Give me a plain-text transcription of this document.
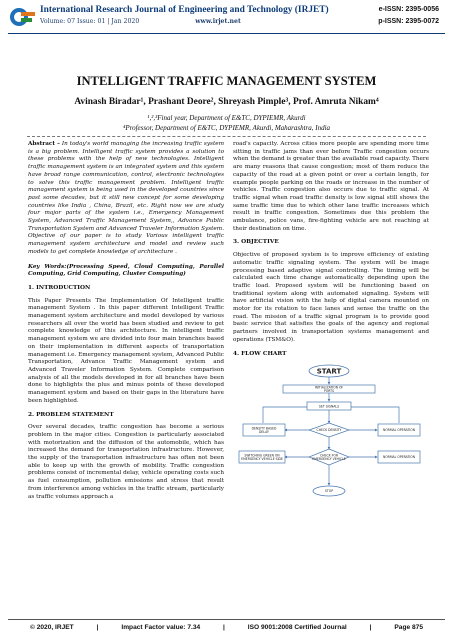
International Research Journal of Engineering and Technology (IRJET)
Volume: 07 Issue: 01 | Jan 2020	www.irjet.net
e-ISSN: 2395-0056
p-ISSN: 2395-0072
INTELLIGENT TRAFFIC MANAGEMENT SYSTEM
Avinash Biradar¹, Prashant Deore², Shreyash Pimple³, Prof. Amruta Nikam⁴
¹,²,³Final year, Department of E&TC, DYPIEMR, Akurdi
⁴Professor, Department of E&TC, DYPIEMR, Akurdi, Maharashtra, India

Abstract – In today's world managing the increasing traffic system is a big problem. Intelligent traffic system provides a solution to these problems with the help of new technologies. Intelligent traffic management system is an integrated system and this system have broad range communication, control, electronic technologies to solve this traffic management problem. Intelligent traffic management system is being used in the developed countries since past some decades, but it still new concept for some developing countries like India , China, Brazil, etc. Right now we are study four major parts of the system i.e., Emergency Management System, Advanced Traffic Management System,, Advance Public Transportation System and Advanced Traveler Information System. Objective of our paper is to study Various intelligent traffic management system architecture and model and review such models to get complete knowledge of architecture .

Key Words:(Processing Speed, Cloud Computing, Parallel Computing, Grid Computing, Cluster Computing)

1. INTRODUCTION

This Paper Presents The Implementation Of Intelligent traffic management System . In this paper different Intelligent Traffic management system architecture and model developed by various researchers all over the world has been studied and review to get complete knowledge of this architecture. In intelligent traffic management system we are divided into four main branches based on their implementation in different aspects of transportation management i.e. Emergency management system, Advanced Public Transportation, Advance Traffic Management system and Advanced Traveler Information System. Complete comparison analysis of all the models developed in for all branches have been done to highlights the plus and minus points of these developed management system and based on their gaps in the literature have been highlighted.

2. PROBLEM STATEMENT

Over several decades, traffic congestion has become a serious problem in the major cities. Congestion is particularly associated with motorization and the diffusion of the automobile, which has increased the demand for transportation infrastructure. However, the supply of the transportation infrastructure has often not been able to keep up with the growth of mobility. Traffic congestion problems consist of incremental delay, vehicle operating costs such as fuel consumption, pollution emissions and stress that result from interference among vehicles in the traffic stream, particularly as traffic volumes approach a

road's capacity. Across cities more people are spending more time sitting in traffic jams than ever before Traffic congestion occurs when the demand is greater than the available road capacity. There are many reasons that cause congestion; most of them reduce the capacity of the road at a given point or over a certain length, for example people parking on the roads or increase in the number of vehicles. Traffic congestion also occurs due to traffic signal. At traffic signal when road traffic density is low signal still shows the same traffic time due to which other lane traffic increases which result in traffic congestion. Sometimes due this problem the ambulance, police vans, fire-fighting vehicle are not reaching at their destination on time.

3. OBJECTIVE

Objective of proposed system is to improve efficiency of existing automatic traffic signaling system. The system will be image processing based adaptive signal controlling. The timing will be calculated each time change automatically depending upon the traffic load. Proposed system will be functioning based on traditional system along with automated signaling. System will have artificial vision with the help of digital camera mounted on motor for its rotation to face lanes and sense the traffic on the road. The mission of a traffic signal program is to provide good basic service that satisfies the goals of the agency and regional partners involved in transportation systems management and operations (TSM&O).

4. FLOW CHART
START
INITIALIZATION OF PORTS
SET SIGNALS
CHECK DENSITY
DENSITY BASED DELAY	NORMAL OPERATION
CHECK FOR EMERGENCY VEHICLE
SWITCHING GREEN ON EMERGENCY VEHICLE SIDE	NORMAL OPERATION
STOP
© 2020, IRJET	|	Impact Factor value: 7.34	|	ISO 9001:2008 Certified Journal	|	Page 875
